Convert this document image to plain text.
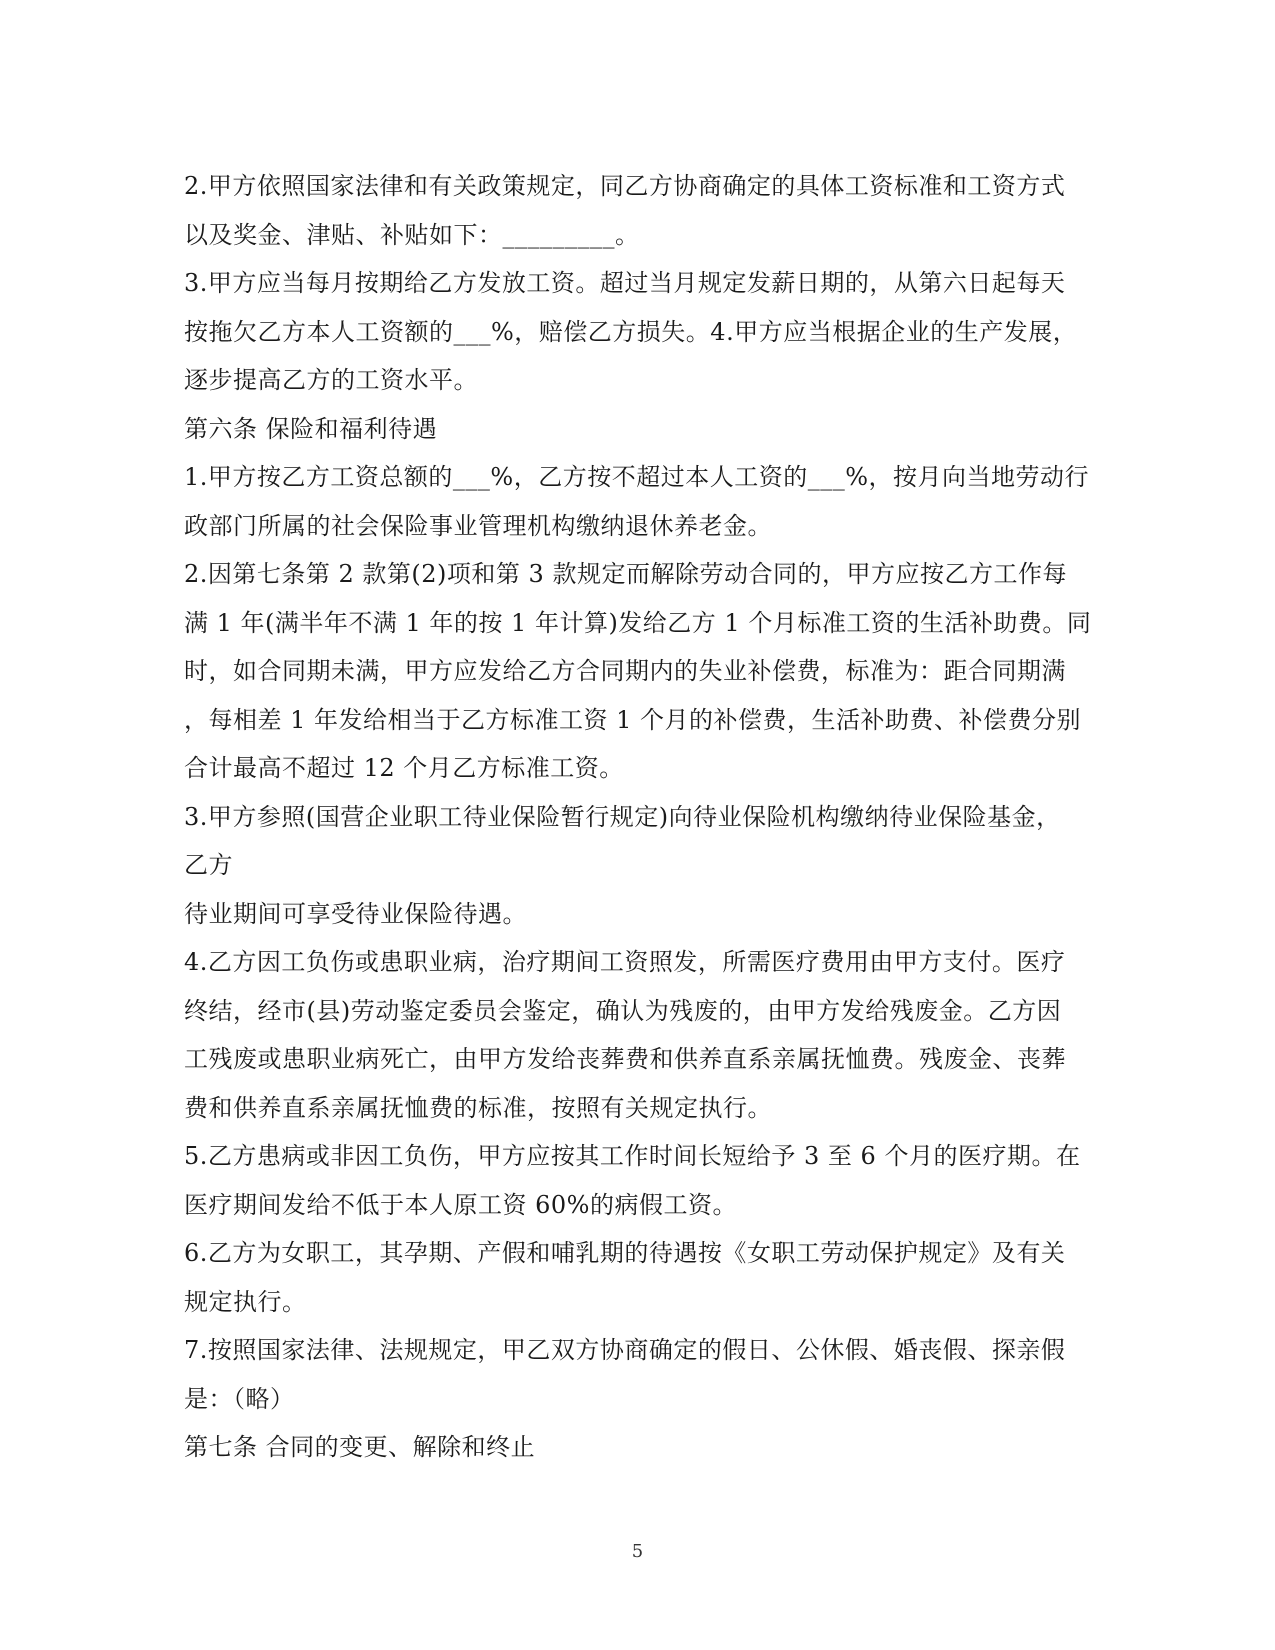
2.甲方依照国家法律和有关政策规定，同乙方协商确定的具体工资标准和工资方式
以及奖金、津贴、补贴如下：_________。
3.甲方应当每月按期给乙方发放工资。超过当月规定发薪日期的，从第六日起每天
按拖欠乙方本人工资额的___%，赔偿乙方损失。4.甲方应当根据企业的生产发展，
逐步提高乙方的工资水平。
第六条 保险和福利待遇
1.甲方按乙方工资总额的___%，乙方按不超过本人工资的___%，按月向当地劳动行
政部门所属的社会保险事业管理机构缴纳退休养老金。
2.因第七条第 2 款第(2)项和第 3 款规定而解除劳动合同的，甲方应按乙方工作每
满 1 年(满半年不满 1 年的按 1 年计算)发给乙方 1 个月标准工资的生活补助费。同
时，如合同期未满，甲方应发给乙方合同期内的失业补偿费，标准为：距合同期满
，每相差 1 年发给相当于乙方标准工资 1 个月的补偿费，生活补助费、补偿费分别
合计最高不超过 12 个月乙方标准工资。
3.甲方参照(国营企业职工待业保险暂行规定)向待业保险机构缴纳待业保险基金，
乙方
待业期间可享受待业保险待遇。
4.乙方因工负伤或患职业病，治疗期间工资照发，所需医疗费用由甲方支付。医疗
终结，经市(县)劳动鉴定委员会鉴定，确认为残废的，由甲方发给残废金。乙方因
工残废或患职业病死亡，由甲方发给丧葬费和供养直系亲属抚恤费。残废金、丧葬
费和供养直系亲属抚恤费的标准，按照有关规定执行。
5.乙方患病或非因工负伤，甲方应按其工作时间长短给予 3 至 6 个月的医疗期。在
医疗期间发给不低于本人原工资 60%的病假工资。
6.乙方为女职工，其孕期、产假和哺乳期的待遇按《女职工劳动保护规定》及有关
规定执行。
7.按照国家法律、法规规定，甲乙双方协商确定的假日、公休假、婚丧假、探亲假
是：（略）
第七条 合同的变更、解除和终止
5
